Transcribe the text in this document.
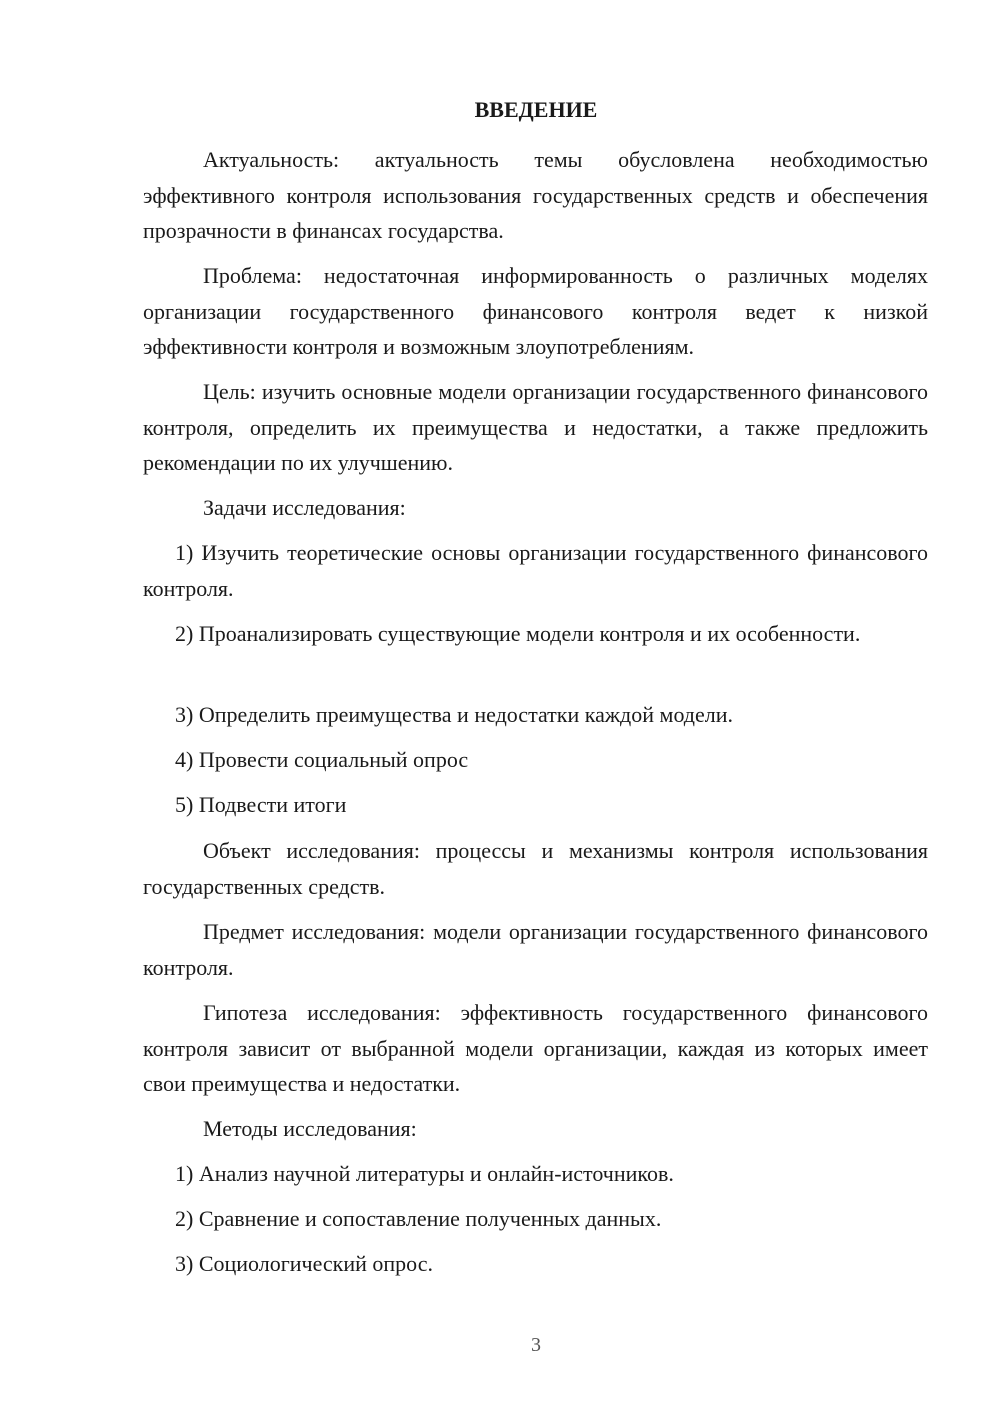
ВВЕДЕНИЕ
Актуальность: актуальность темы обусловлена необходимостью эффективного контроля использования государственных средств и обеспечения прозрачности в финансах государства.
Проблема: недостаточная информированность о различных моделях организации государственного финансового контроля ведет к низкой эффективности контроля и возможным злоупотреблениям.
Цель: изучить основные модели организации государственного финансового контроля, определить их преимущества и недостатки, а также предложить рекомендации по их улучшению.
Задачи исследования:
1) Изучить теоретические основы организации государственного финансового контроля.
2) Проанализировать существующие модели контроля и их особенности.
3) Определить преимущества и недостатки каждой модели.
4) Провести социальный опрос
5) Подвести итоги
Объект исследования: процессы и механизмы контроля использования государственных средств.
Предмет исследования: модели организации государственного финансового контроля.
Гипотеза исследования: эффективность государственного финансового контроля зависит от выбранной модели организации, каждая из которых имеет свои преимущества и недостатки.
Методы исследования:
1) Анализ научной литературы и онлайн-источников.
2) Сравнение и сопоставление полученных данных.
3) Социологический опрос.
3
